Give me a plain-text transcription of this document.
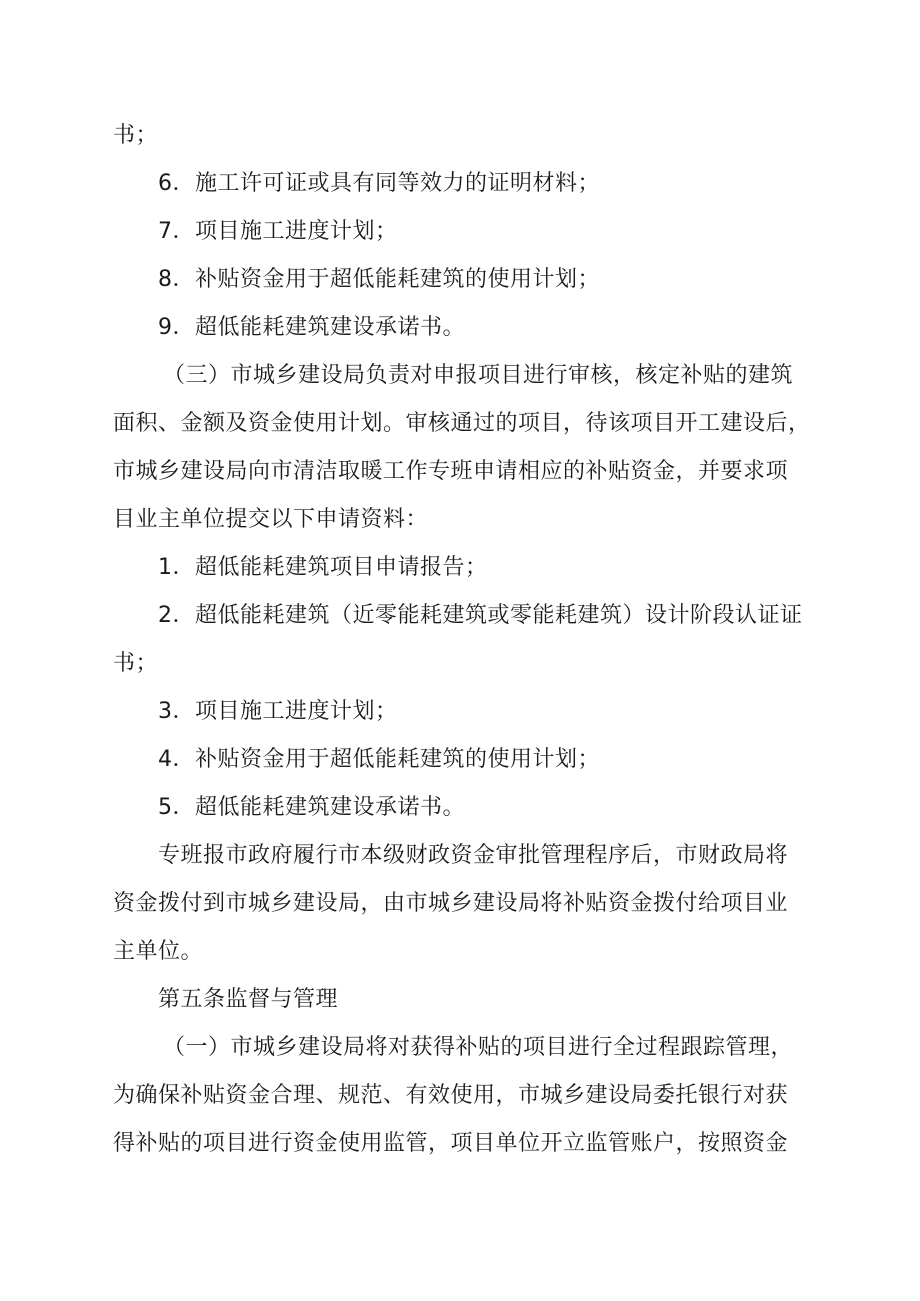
书；
6．施工许可证或具有同等效力的证明材料；
7．项目施工进度计划；
8．补贴资金用于超低能耗建筑的使用计划；
9．超低能耗建筑建设承诺书。
（三）市城乡建设局负责对申报项目进行审核，核定补贴的建筑
面积、金额及资金使用计划。审核通过的项目，待该项目开工建设后，
市城乡建设局向市清洁取暖工作专班申请相应的补贴资金，并要求项
目业主单位提交以下申请资料：
1．超低能耗建筑项目申请报告；
2．超低能耗建筑（近零能耗建筑或零能耗建筑）设计阶段认证证
书；
3．项目施工进度计划；
4．补贴资金用于超低能耗建筑的使用计划；
5．超低能耗建筑建设承诺书。
专班报市政府履行市本级财政资金审批管理程序后，市财政局将
资金拨付到市城乡建设局，由市城乡建设局将补贴资金拨付给项目业
主单位。
第五条监督与管理
（一）市城乡建设局将对获得补贴的项目进行全过程跟踪管理，
为确保补贴资金合理、规范、有效使用，市城乡建设局委托银行对获
得补贴的项目进行资金使用监管，项目单位开立监管账户，按照资金
